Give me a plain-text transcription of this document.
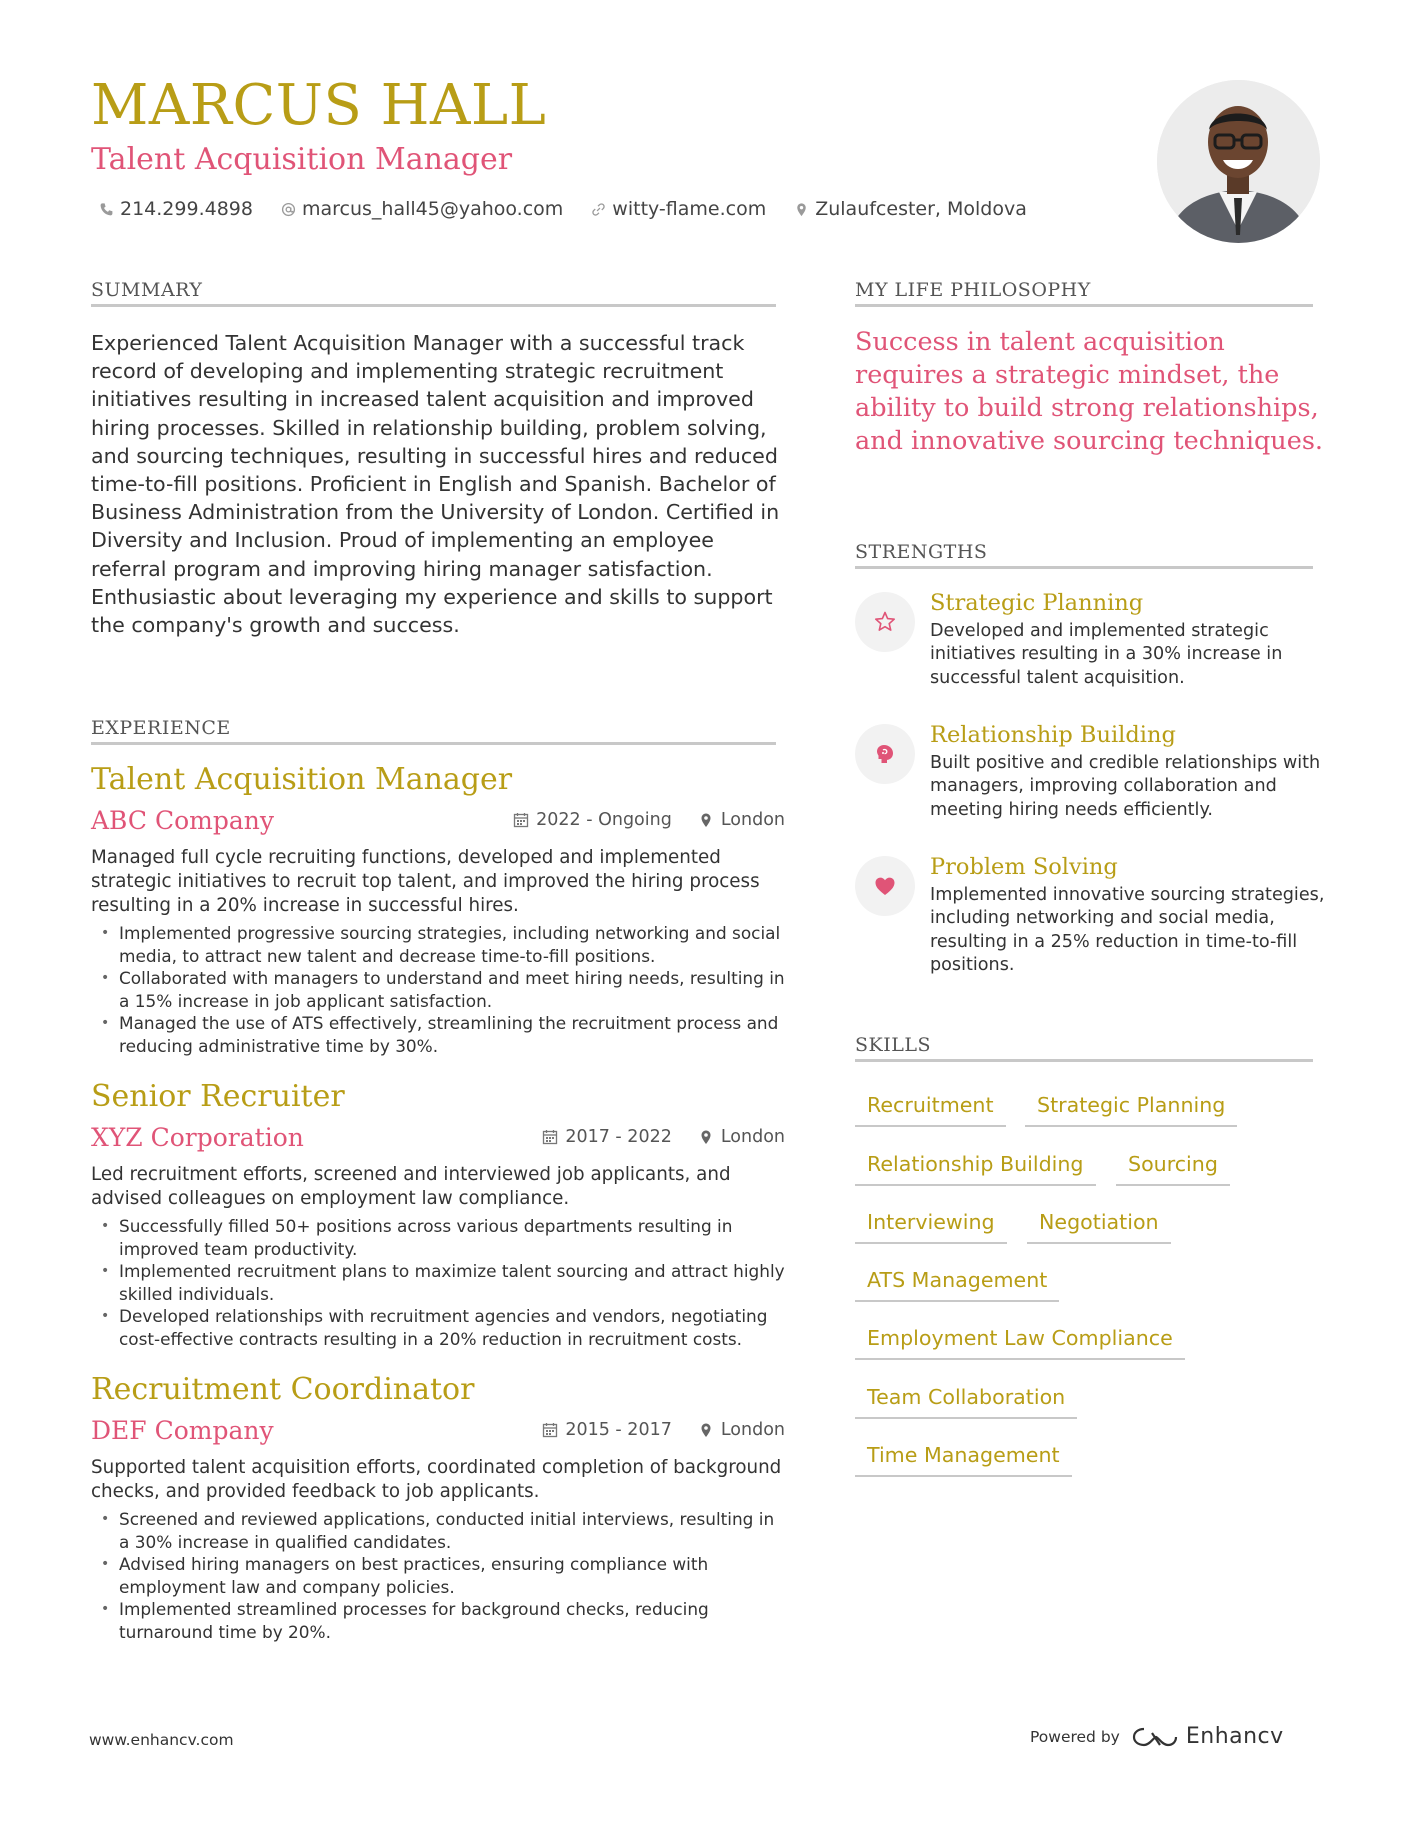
MARCUS HALL
Talent Acquisition Manager
214.299.4898	marcus_hall45@yahoo.com	witty-flame.com	Zulaufcester, Moldova
SUMMARY

Experienced Talent Acquisition Manager with a successful track record of developing and implementing strategic recruitment initiatives resulting in increased talent acquisition and improved hiring processes. Skilled in relationship building, problem solving, and sourcing techniques, resulting in successful hires and reduced time-to-fill positions. Proficient in English and Spanish. Bachelor of Business Administration from the University of London. Certified in Diversity and Inclusion. Proud of implementing an employee referral program and improving hiring manager satisfaction. Enthusiastic about leveraging my experience and skills to support the company's growth and success.

EXPERIENCE
Talent Acquisition Manager
ABC Company	2022 - Ongoing	London

Managed full cycle recruiting functions, developed and implemented strategic initiatives to recruit top talent, and improved the hiring process resulting in a 20% increase in successful hires.

• Implemented progressive sourcing strategies, including networking and social media, to attract new talent and decrease time-to-fill positions.
• Collaborated with managers to understand and meet hiring needs, resulting in a 15% increase in job applicant satisfaction.
• Managed the use of ATS effectively, streamlining the recruitment process and reducing administrative time by 30%.
Senior Recruiter
XYZ Corporation	2017 - 2022	London

Led recruitment efforts, screened and interviewed job applicants, and advised colleagues on employment law compliance.

• Successfully filled 50+ positions across various departments resulting in improved team productivity.
• Implemented recruitment plans to maximize talent sourcing and attract highly skilled individuals.
• Developed relationships with recruitment agencies and vendors, negotiating cost-effective contracts resulting in a 20% reduction in recruitment costs.
Recruitment Coordinator
DEF Company	2015 - 2017	London

Supported talent acquisition efforts, coordinated completion of background checks, and provided feedback to job applicants.

• Screened and reviewed applications, conducted initial interviews, resulting in a 30% increase in qualified candidates.
• Advised hiring managers on best practices, ensuring compliance with employment law and company policies.
• Implemented streamlined processes for background checks, reducing turnaround time by 20%.
MY LIFE PHILOSOPHY

Success in talent acquisition requires a strategic mindset, the ability to build strong relationships, and innovative sourcing techniques.

STRENGTHS
Strategic Planning

Developed and implemented strategic initiatives resulting in a 30% increase in successful talent acquisition.

Relationship Building

Built positive and credible relationships with managers, improving collaboration and meeting hiring needs efficiently.

Problem Solving

Implemented innovative sourcing strategies, including networking and social media, resulting in a 25% reduction in time-to-fill positions.

SKILLS
Recruitment	Strategic Planning
Relationship Building	Sourcing
Interviewing	Negotiation
ATS Management
Employment Law Compliance
Team Collaboration
Time Management
www.enhancv.com	Powered by	Enhancv
